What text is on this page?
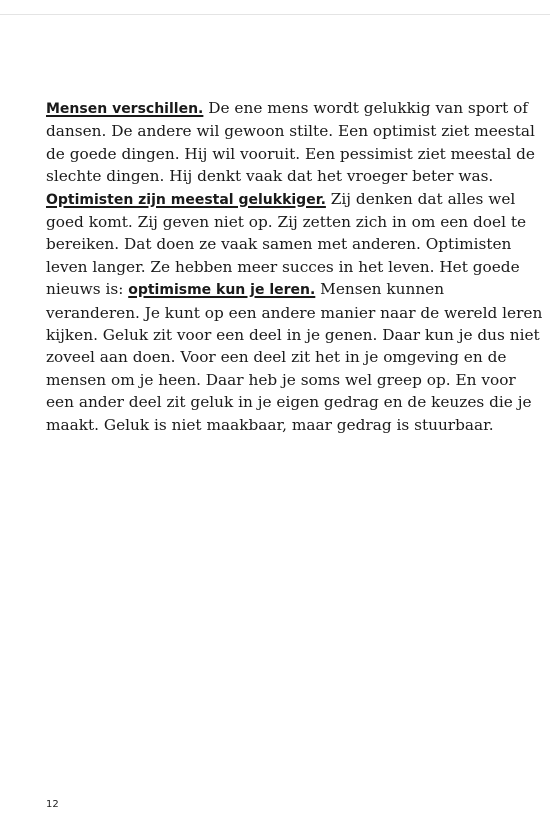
Mensen verschillen. De ene mens wordt gelukkig van sport of
dansen. De andere wil gewoon stilte. Een optimist ziet meestal
de goede dingen. Hij wil vooruit. Een pessimist ziet meestal de
slechte dingen. Hij denkt vaak dat het vroeger beter was.
Optimisten zijn meestal gelukkiger. Zij denken dat alles wel
goed komt. Zij geven niet op. Zij zetten zich in om een doel te
bereiken. Dat doen ze vaak samen met anderen. Optimisten
leven langer. Ze hebben meer succes in het leven. Het goede
nieuws is: optimisme kun je leren. Mensen kunnen
veranderen. Je kunt op een andere manier naar de wereld leren
kijken. Geluk zit voor een deel in je genen. Daar kun je dus niet
zoveel aan doen. Voor een deel zit het in je omgeving en de
mensen om je heen. Daar heb je soms wel greep op. En voor
een ander deel zit geluk in je eigen gedrag en de keuzes die je
maakt. Geluk is niet maakbaar, maar gedrag is stuurbaar.

12
